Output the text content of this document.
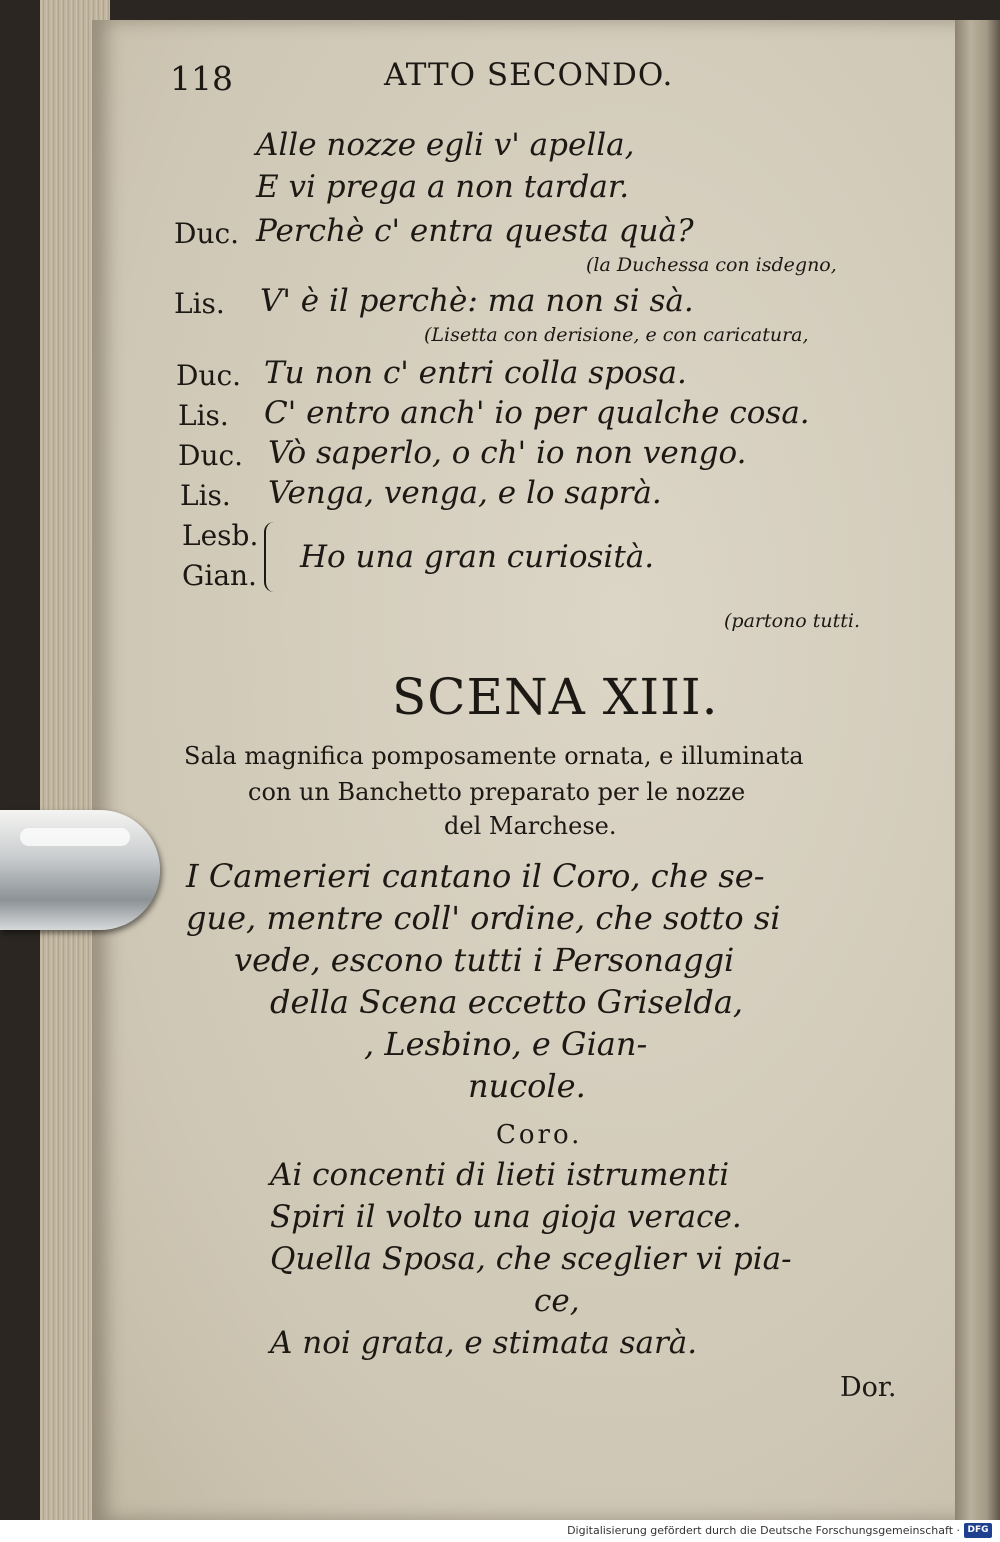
118	ATTO SECONDO.
Alle nozze egli v' apella,
E vi prega a non tardar.
Duc. Perchè c' entra questa quà?
(la Duchessa con isdegno,
Lis. V' è il perchè: ma non si sà.
(Lisetta con derisione, e con caricatura,
Duc. Tu non c' entri colla sposa.
Lis. C' entro anch' io per qualche cosa.
Duc. Vò saperlo, o ch' io non vengo.
Lis. Venga, venga, e lo saprà.
Lesb.
Gian.
Ho una gran curiosità.
(partono tutti.
SCENA XIII.
Sala magnifica pomposamente ornata, e illuminata
con un Banchetto preparato per le nozze
del Marchese.
I Camerieri cantano il Coro, che se-
gue, mentre coll' ordine, che sotto si
vede, escono tutti i Personaggi
della Scena eccetto Griselda,
, Lesbino, e Gian-
nucole.
Coro.
Ai concenti di lieti istrumenti
Spiri il volto una gioja verace.
Quella Sposa, che sceglier vi pia-
ce,
A noi grata, e stimata sarà.
Dor.
Digitalisierung gefördert durch die Deutsche Forschungsgemeinschaft · DFG
